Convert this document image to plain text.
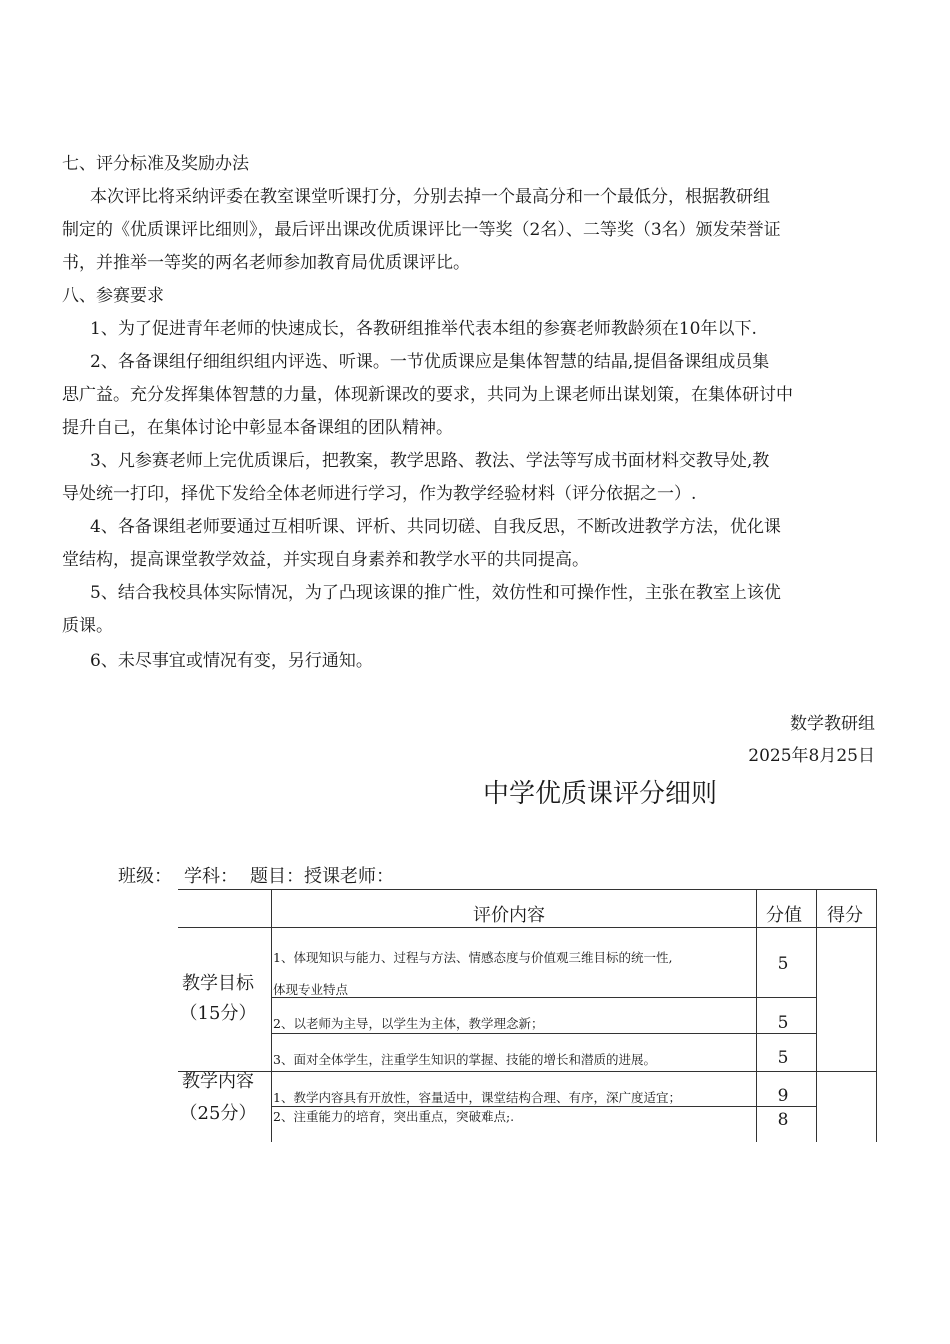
七、评分标准及奖励办法
本次评比将采纳评委在教室课堂听课打分，分别去掉一个最高分和一个最低分，根据教研组
制定的《优质课评比细则》，最后评出课改优质课评比一等奖（2名）、二等奖（3名）颁发荣誉证
书，并推举一等奖的两名老师参加教育局优质课评比。
八、参赛要求
1、为了促进青年老师的快速成长，各教研组推举代表本组的参赛老师教龄须在10年以下.
2、各备课组仔细组织组内评选、听课。一节优质课应是集体智慧的结晶,提倡备课组成员集
思广益。充分发挥集体智慧的力量，体现新课改的要求，共同为上课老师出谋划策，在集体研讨中
提升自己，在集体讨论中彰显本备课组的团队精神。
3、凡参赛老师上完优质课后，把教案，教学思路、教法、学法等写成书面材料交教导处,教
导处统一打印，择优下发给全体老师进行学习，作为教学经验材料（评分依据之一）.
4、各备课组老师要通过互相听课、评析、共同切磋、自我反思，不断改进教学方法，优化课
堂结构，提高课堂教学效益，并实现自身素养和教学水平的共同提高。
5、结合我校具体实际情况，为了凸现该课的推广性，效仿性和可操作性，主张在教室上该优
质课。
6、未尽事宜或情况有变，另行通知。
数学教研组
2025年8月25日
中学优质课评分细则
班级： 学科： 题目：授课老师：
评价内容	分值 得分
教学目标
（15分）
1、体现知识与能力、过程与方法、情感态度与价值观三维目标的统一性,
体现专业特点
5
2、以老师为主导，以学生为主体，教学理念新；	5
3、面对全体学生，注重学生知识的掌握、技能的增长和潜质的进展。	5
教学内容
（25分）
1、教学内容具有开放性，容量适中，课堂结构合理、有序，深广度适宜；	9
2、注重能力的培育，突出重点，突破难点;.	8
